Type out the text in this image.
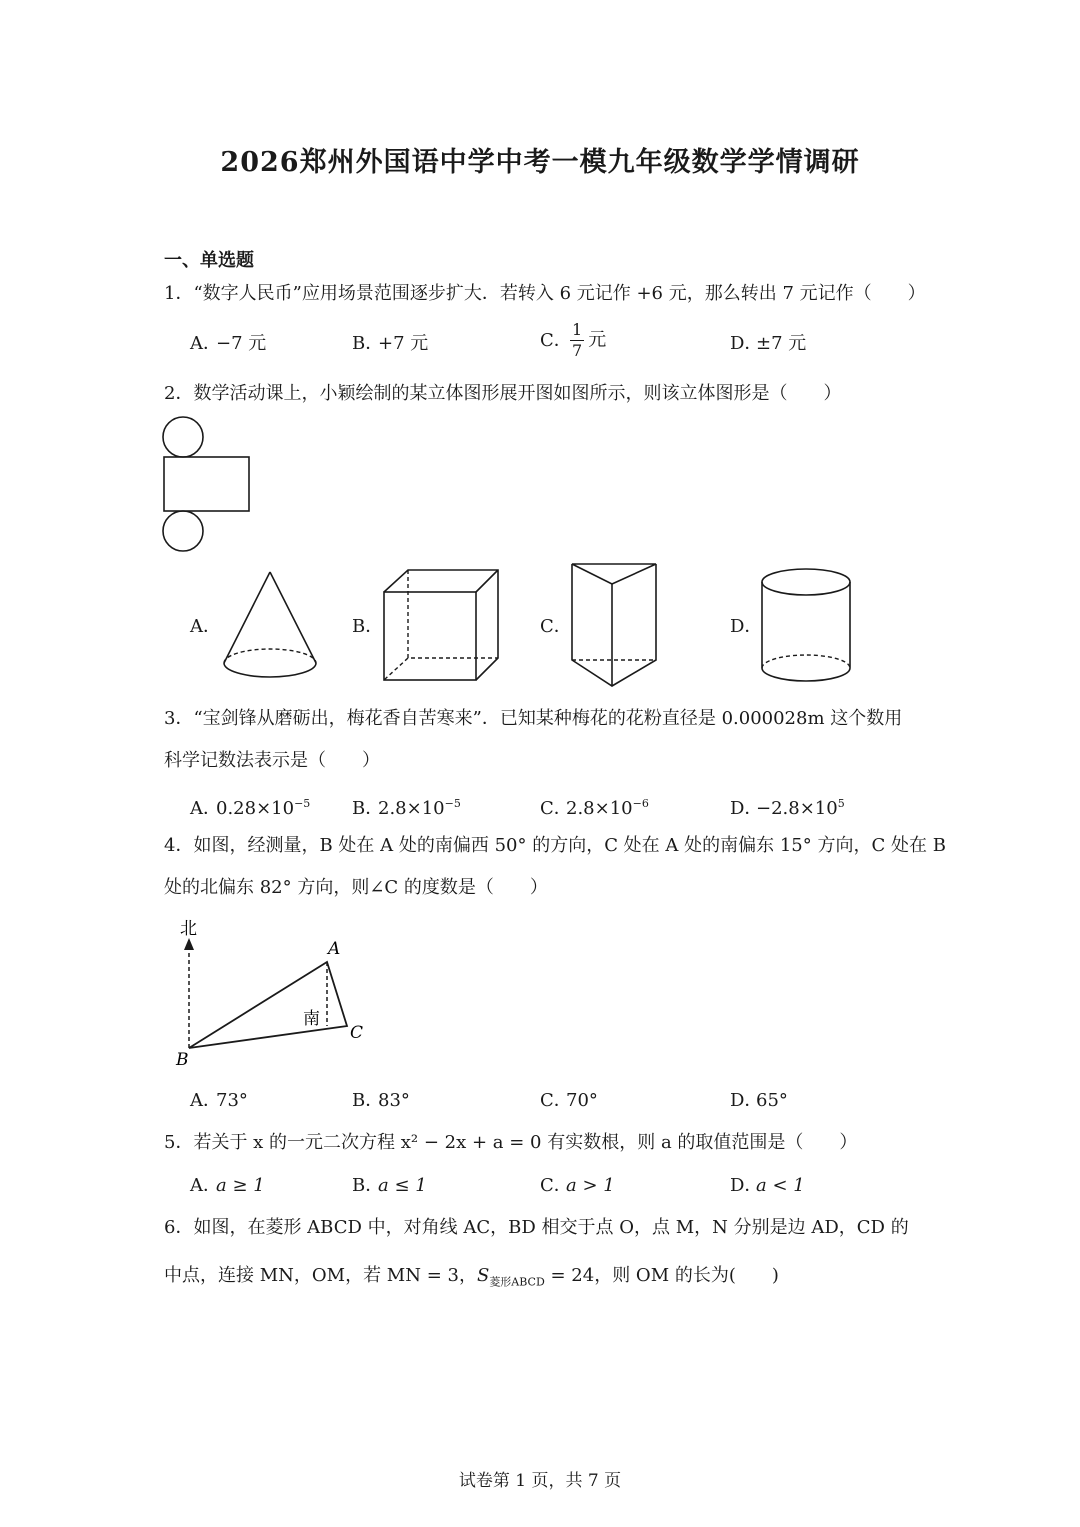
2026郑州外国语中学中考一模九年级数学学情调研
一、单选题
1．“数字人民币”应用场景范围逐步扩大．若转入 6 元记作 +6 元，那么转出 7 元记作（　　）
A．−7 元	B．+7 元	C．
$\frac{1}{7}$ 元	D．±7 元
2．数学活动课上，小颖绘制的某立体图形展开图如图所示，则该立体图形是（　　）
A．	B．	C．	D．
3．“宝剑锋从磨砺出，梅花香自苦寒来”．已知某种梅花的花粉直径是 0.000028m 这个数用
科学记数法表示是（　　）
A．$0.28\times 10^{-5}$ B．$2.8\times 10^{-5}$	C．$2.8\times 10^{-6}$	D．$-2.8\times 10^5$
4．如图，经测量，B 处在 A 处的南偏西 50° 的方向，C 处在 A 处的南偏东 15° 方向，C 处在 B
处的北偏东 82° 方向，则∠C 的度数是（　　）
北
A
B
C
南
A．73°	B．83°	C．70°	D．65°
5．若关于 x 的一元二次方程 x² − 2x + a = 0 有实数根，则 a 的取值范围是（　　）
A．a ≥ 1	B．a ≤ 1	C．a > 1	D．a < 1
6．如图，在菱形 ABCD 中，对角线 AC，BD 相交于点 O，点 M，N 分别是边 AD，CD 的
中点，连接 MN，OM，若 MN = 3，$S_{菱形ABCD} = 24$，则 OM 的长为(　　)
试卷第 1 页，共 7 页
